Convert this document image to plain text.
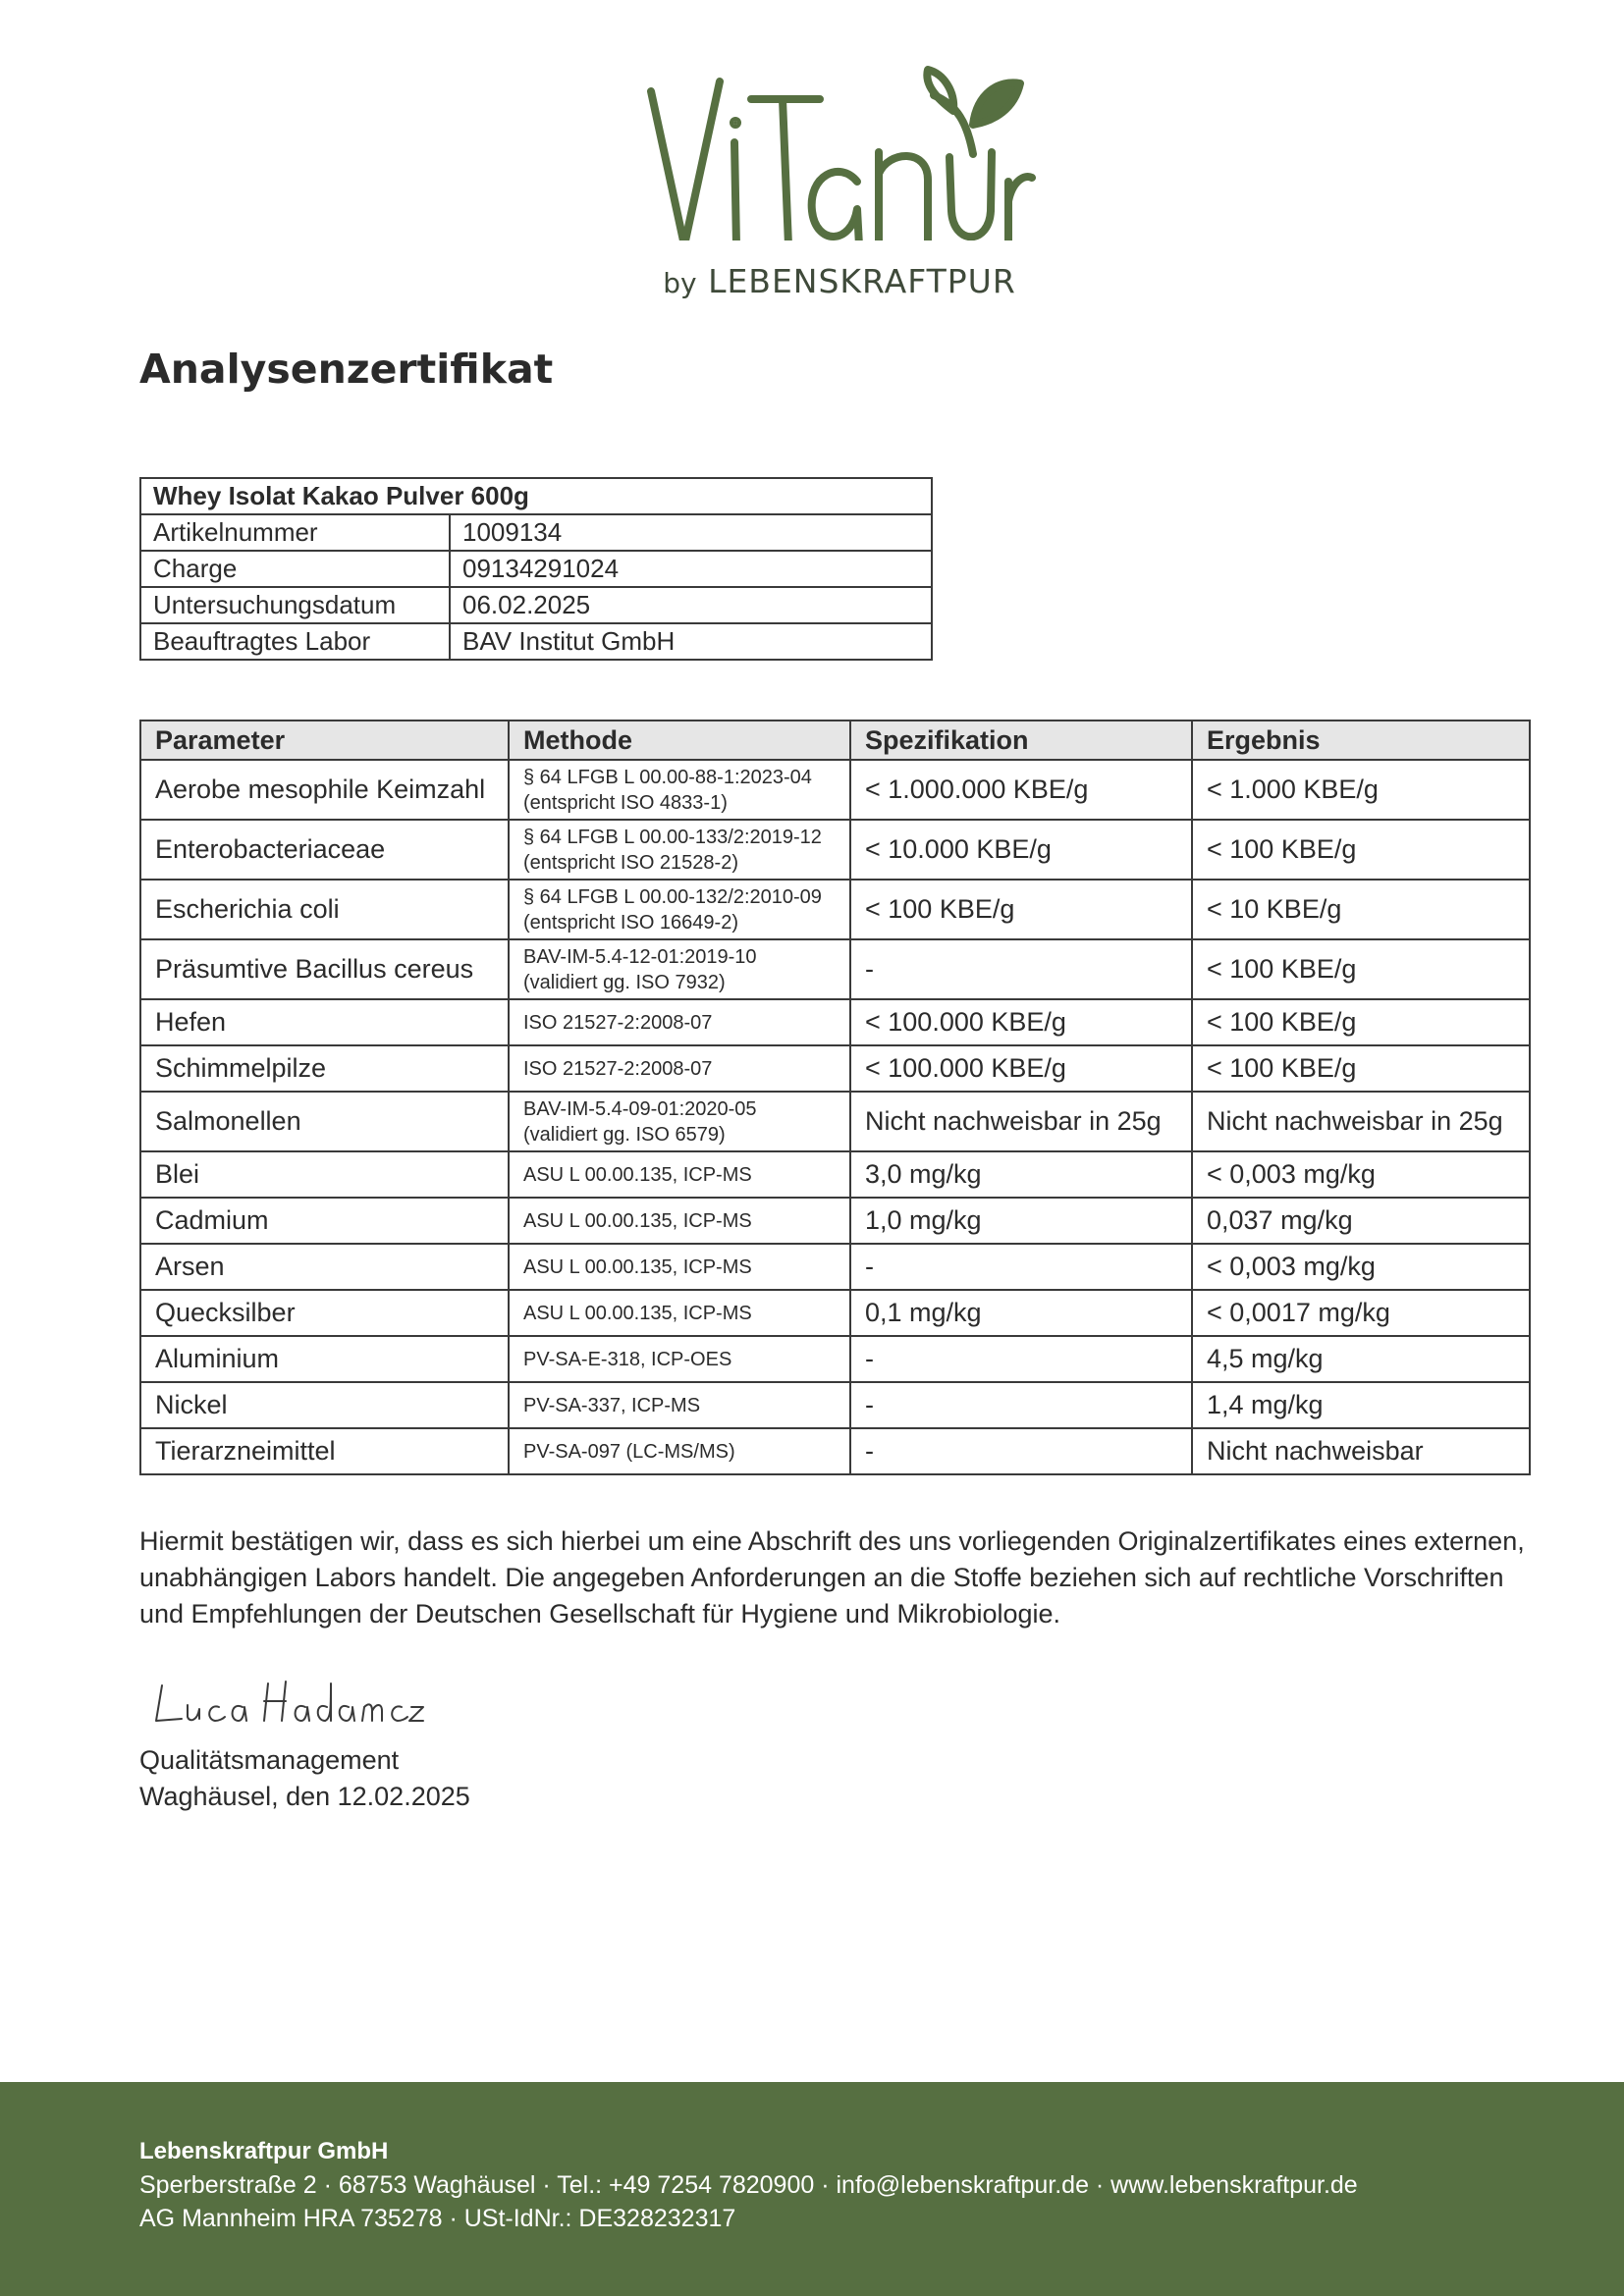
by LEBENSKRAFTPUR
Analysenzertifikat
Whey Isolat Kakao Pulver 600g	
Artikelnummer	1009134
Charge	09134291024
Untersuchungsdatum	06.02.2025
Beauftragtes Labor	BAV Institut GmbH
Parameter	Methode	Spezifikation	Ergebnis
Aerobe mesophile Keimzahl	§ 64 LFGB L 00.00-88-1:2023-04 (entspricht ISO 4833-1)	< 1.000.000 KBE/g	< 1.000 KBE/g
Enterobacteriaceae	§ 64 LFGB L 00.00-133/2:2019-12 (entspricht ISO 21528-2)	< 10.000 KBE/g	< 100 KBE/g
Escherichia coli	§ 64 LFGB L 00.00-132/2:2010-09 (entspricht ISO 16649-2)	< 100 KBE/g	< 10 KBE/g
Präsumtive Bacillus cereus	BAV-IM-5.4-12-01:2019-10 (validiert gg. ISO 7932)	-	< 100 KBE/g
Hefen	ISO 21527-2:2008-07	< 100.000 KBE/g	< 100 KBE/g
Schimmelpilze	ISO 21527-2:2008-07	< 100.000 KBE/g	< 100 KBE/g
Salmonellen	BAV-IM-5.4-09-01:2020-05 (validiert gg. ISO 6579)	Nicht nachweisbar in 25g	Nicht nachweisbar in 25g
Blei	ASU L 00.00.135, ICP-MS	3,0 mg/kg	< 0,003 mg/kg
Cadmium	ASU L 00.00.135, ICP-MS	1,0 mg/kg	0,037 mg/kg
Arsen	ASU L 00.00.135, ICP-MS	-	< 0,003 mg/kg
Quecksilber	ASU L 00.00.135, ICP-MS	0,1 mg/kg	< 0,0017 mg/kg
Aluminium	PV-SA-E-318, ICP-OES	-	4,5 mg/kg
Nickel	PV-SA-337, ICP-MS	-	1,4 mg/kg
Tierarzneimittel	PV-SA-097 (LC-MS/MS)	-	Nicht nachweisbar

Hiermit bestätigen wir, dass es sich hierbei um eine Abschrift des uns vorliegenden Originalzertifikates eines externen, unabhängigen Labors handelt. Die angegeben Anforderungen an die Stoffe beziehen sich auf rechtliche Vorschriften und Empfehlungen der Deutschen Gesellschaft für Hygiene und Mikrobiologie.

Qualitätsmanagement
Waghäusel, den 12.02.2025
Lebenskraftpur GmbH
Sperberstraße 2 · 68753 Waghäusel · Tel.: +49 7254 7820900 · info@lebenskraftpur.de · www.lebenskraftpur.de
AG Mannheim HRA 735278 · USt-IdNr.: DE328232317
